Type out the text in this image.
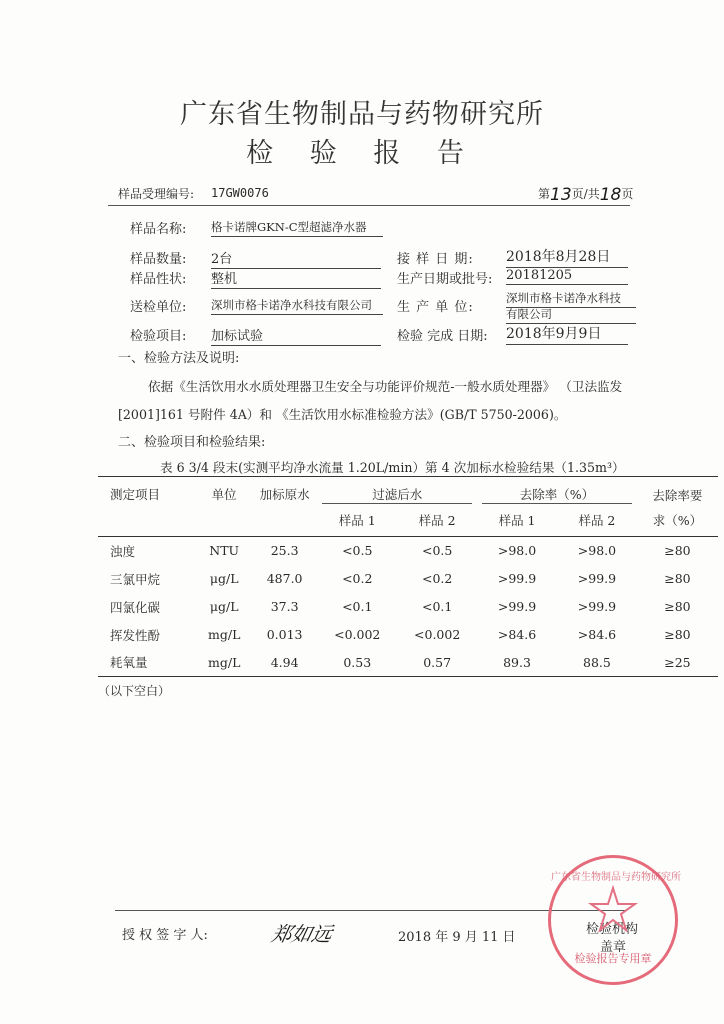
广东省生物制品与药物研究所
检 验 报 告
样品受理编号: 17GW0076	第 13 页/共 18 页
样品名称: 格卡诺牌GKN-C型超滤净水器
样品数量: 2台	接 样 日 期: 2018年8月28日
样品性状: 整机	生产日期或批号: 20181205
送检单位: 深圳市格卡诺净水科技有限公司	生 产 单 位:
深圳市格卡诺净水科技
有限公司
检验项目: 加标试验	检验 完成 日期: 2018年9月9日
一、检验方法及说明:
依据《生活饮用水水质处理器卫生安全与功能评价规范-一般水质处理器》 （卫法监发
[2001]161 号附件 4A）和 《生活饮用水标准检验方法》(GB/T 5750-2006)。
二、检验项目和检验结果:
表 6 3/4 段末(实测平均净水流量 1.20L/min）第 4 次加标水检验结果（1.35m³）
测定项目	单位	加标原水	过滤后水		去除率（%）		去除率要
			样品 1	样品 2	样品 1	样品 2	求（%）
浊度	NTU	25.3	<0.5	<0.5	>98.0	>98.0	≥80
三氯甲烷	μg/L	487.0	<0.2	<0.2	>99.9	>99.9	≥80
四氯化碳	μg/L	37.3	<0.1	<0.1	>99.9	>99.9	≥80
挥发性酚	mg/L	0.013	<0.002	<0.002	>84.6	>84.6	≥80
耗氧量	mg/L	4.94	0.53	0.57	89.3	88.5	≥25
（以下空白）
授 权 签 字 人:	郑如远	2018 年 9 月 11 日
检验机构
盖章
广东省生物制品与药物研究所
检验报告专用章
